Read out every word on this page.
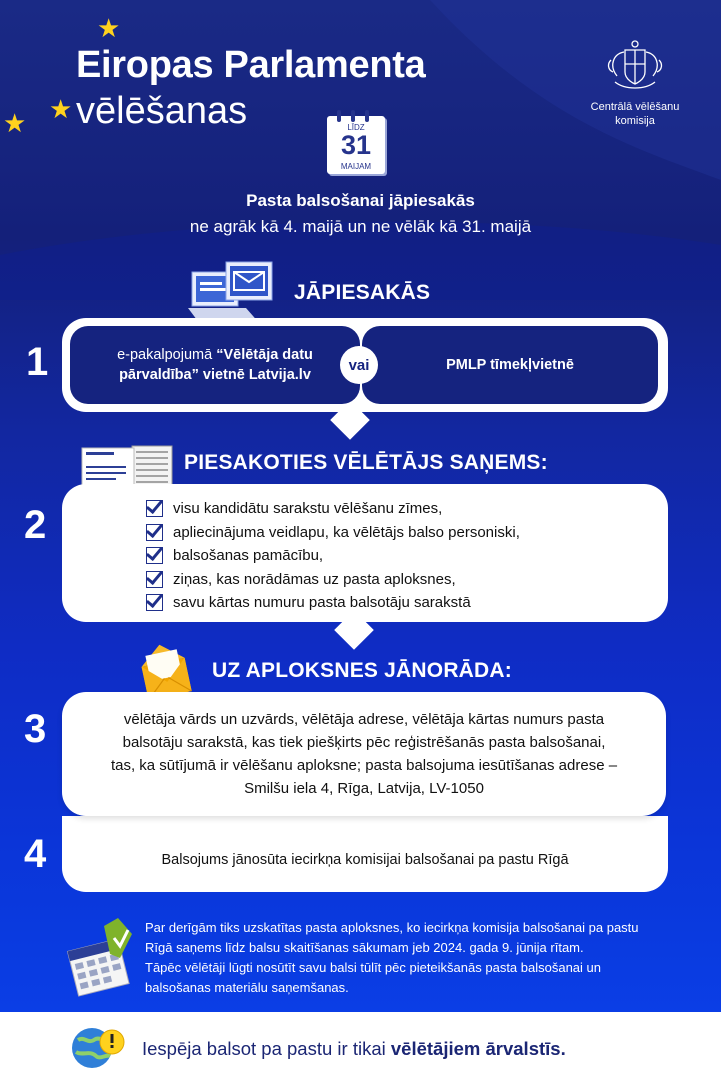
★
★
★
Eiropas Parlamenta
vēlēšanas	Centrālā vēlēšanu
komisija
LĪDZ
31
MAIJAM
Pasta balsošanai jāpiesakās
ne agrāk kā 4. maijā un ne vēlāk kā 31. maijā
JĀPIESAKĀS
1	e-pakalpojumā “Vēlētāja datu
pārvaldība” vietnē Latvija.lv
PMLP tīmekļvietnē
vai
PIESAKOTIES VĒLĒTĀJS SAŅEMS:
2	visu kandidātu sarakstu vēlēšanu zīmes,
apliecinājuma veidlapu, ka vēlētājs balso personiski,
balsošanas pamācību,
ziņas, kas norādāmas uz pasta aploksnes,
savu kārtas numuru pasta balsotāju sarakstā
UZ APLOKSNES JĀNORĀDA:
3	vēlētāja vārds un uzvārds, vēlētāja adrese, vēlētāja kārtas numurs pasta
balsotāju sarakstā, kas tiek piešķirts pēc reģistrēšanās pasta balsošanai,
tas, ka sūtījumā ir vēlēšanu aploksne; pasta balsojuma iesūtīšanas adrese –
Smilšu iela 4, Rīga, Latvija, LV-1050
4	Balsojums jānosūta iecirkņa komisijai balsošanai pa pastu Rīgā
Par derīgām tiks uzskatītas pasta aploksnes, ko iecirkņa komisija balsošanai pa pastu
Rīgā saņems līdz balsu skaitīšanas sākumam jeb 2024. gada 9. jūnija rītam.
Tāpēc vēlētāji lūgti nosūtīt savu balsi tūlīt pēc pieteikšanās pasta balsošanai un
balsošanas materiālu saņemšanas.
Iespēja balsot pa pastu ir tikai vēlētājiem ārvalstīs.
